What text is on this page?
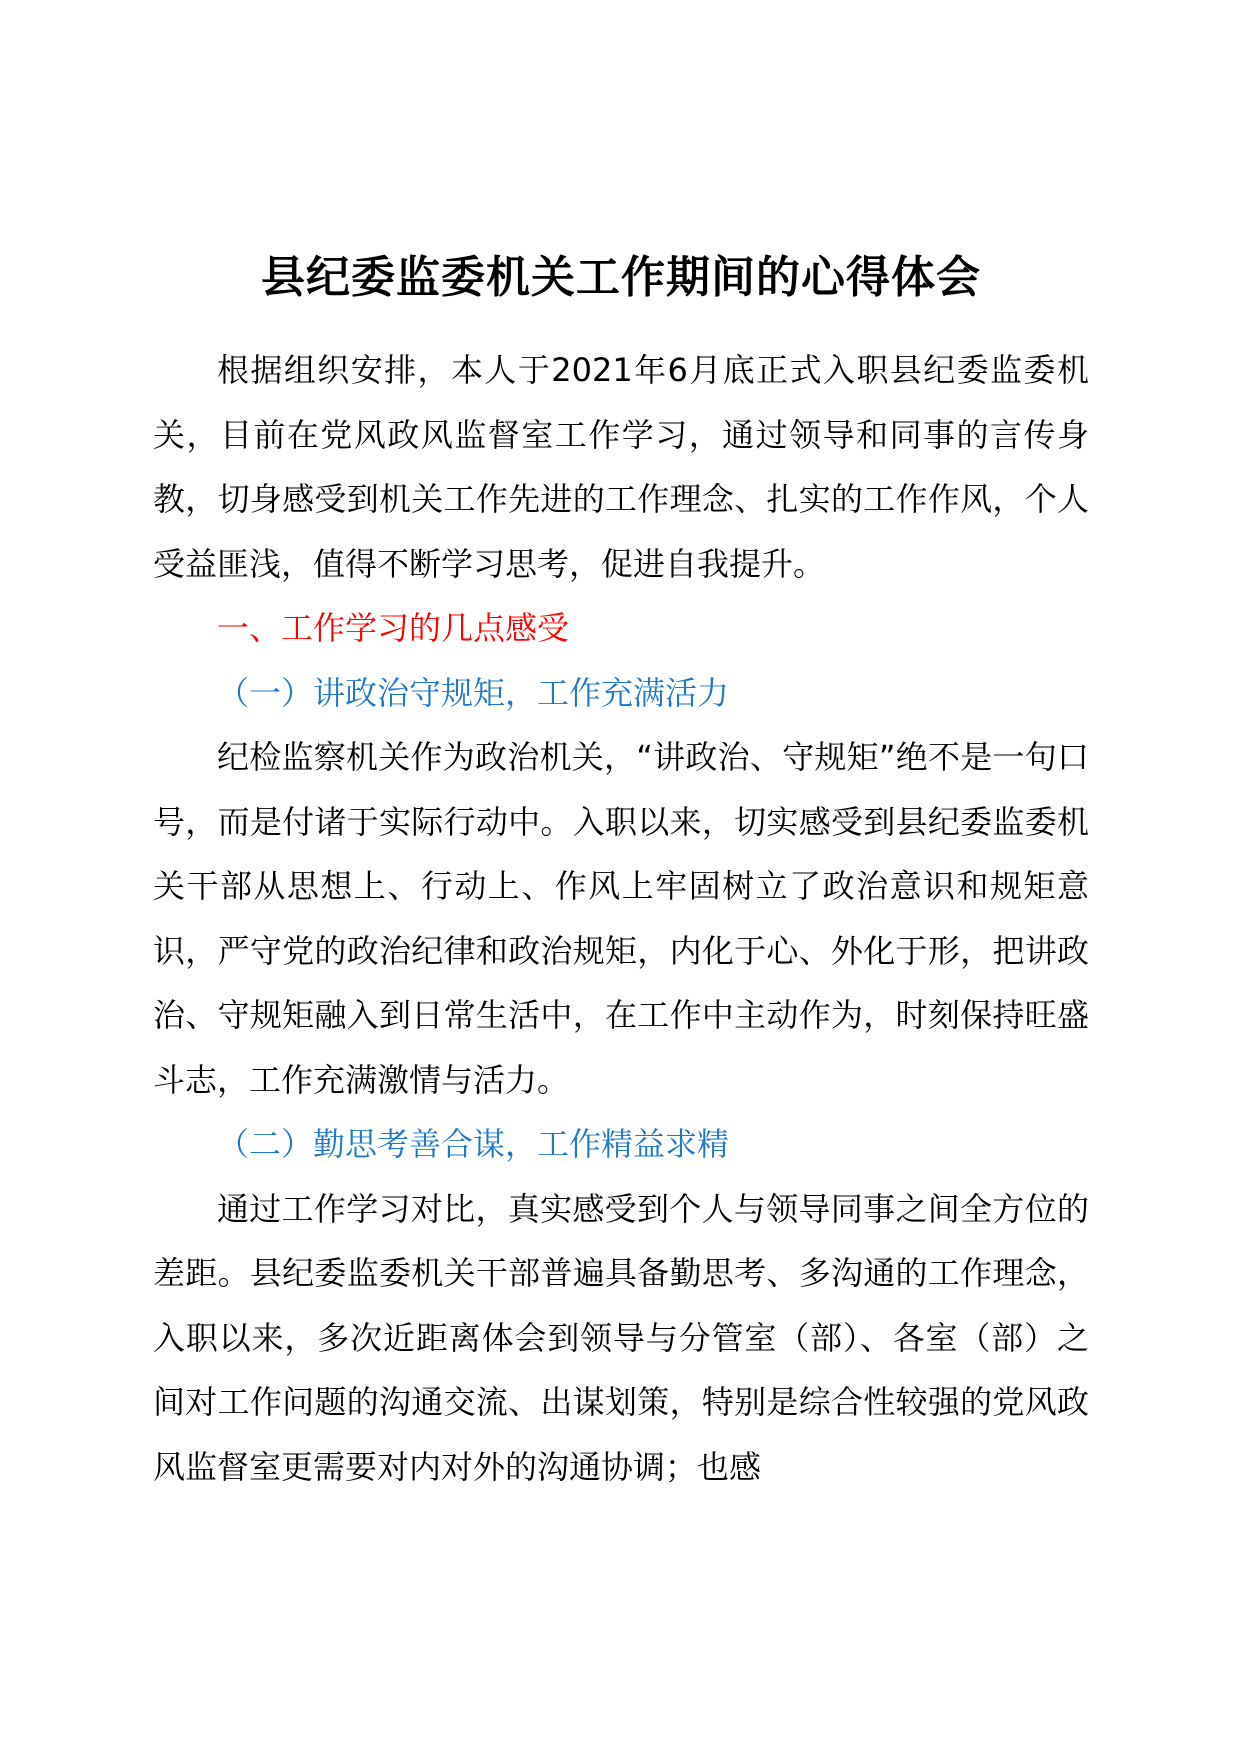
县纪委监委机关工作期间的心得体会

根据组织安排，本人于2021年6月底正式入职县纪委监委机关，目前在党风政风监督室工作学习，通过领导和同事的言传身教，切身感受到机关工作先进的工作理念、扎实的工作作风，个人受益匪浅，值得不断学习思考，促进自我提升。

一、工作学习的几点感受

（一）讲政治守规矩，工作充满活力

纪检监察机关作为政治机关，“讲政治、守规矩”绝不是一句口号，而是付诸于实际行动中。入职以来，切实感受到县纪委监委机关干部从思想上、行动上、作风上牢固树立了政治意识和规矩意识，严守党的政治纪律和政治规矩，内化于心、外化于形，把讲政治、守规矩融入到日常生活中，在工作中主动作为，时刻保持旺盛斗志，工作充满激情与活力。

（二）勤思考善合谋，工作精益求精

通过工作学习对比，真实感受到个人与领导同事之间全方位的差距。县纪委监委机关干部普遍具备勤思考、多沟通的工作理念，入职以来，多次近距离体会到领导与分管室（部）、各室（部）之间对工作问题的沟通交流、出谋划策，特别是综合性较强的党风政风监督室更需要对内对外的沟通协调；也感
